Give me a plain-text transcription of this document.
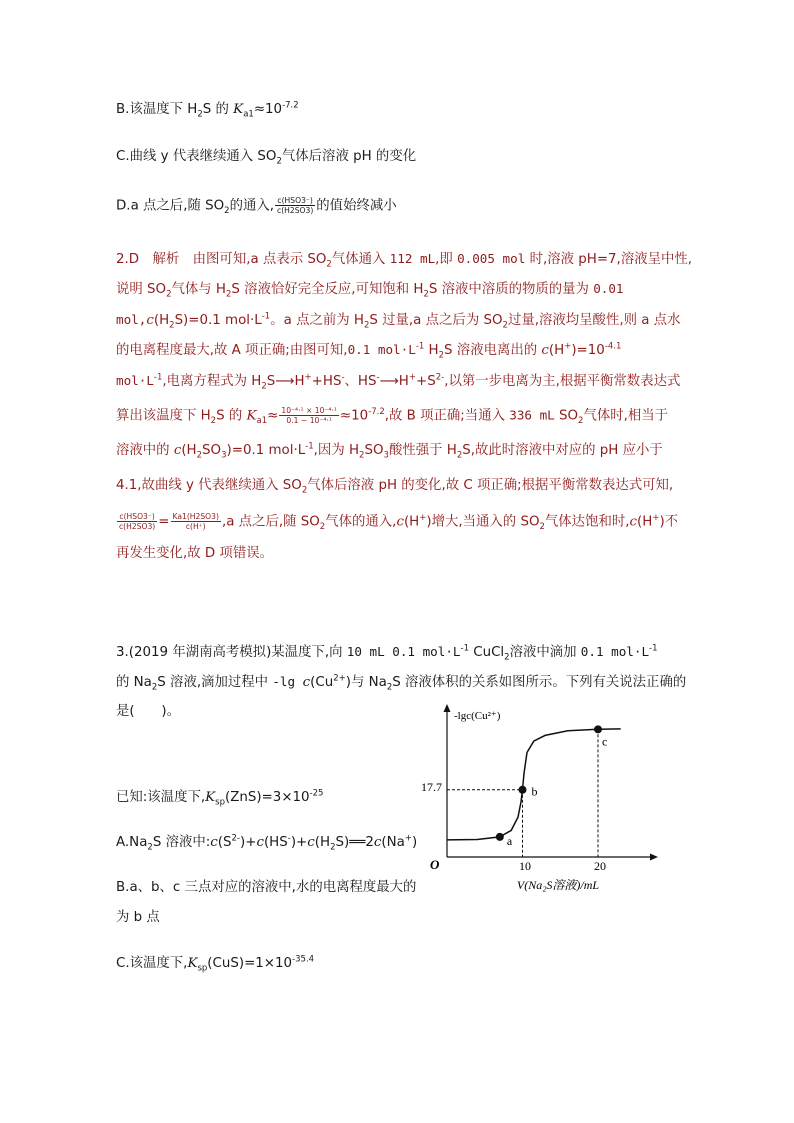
B.该温度下 $H_2S$ 的 $K_{a1}\approx 10^{-7.2}$
C.曲线 y 代表继续通入 $SO_2$气体后溶液 pH 的变化
D.a 点之后,随 $SO_2$的通入, $\frac{\text{c(HSO3⁻)}}{c(H2SO3)}$ 的值始终减小
2.D　解析　由图可知,a 点表示 $SO_2$气体通入 112 mL,即 0.005 mol 时,溶液 pH=7,溶液呈中性,
说明 $SO_2$气体与 $H_2S$ 溶液恰好完全反应,可知饱和 $H_2S$ 溶液中溶质的物质的量为 0.01
$mol,c(H_2S)=0.1$ $mol\cdot L^{-1}$。a 点之前为 $H_2S$ 过量,a 点之后为 $SO_2$过量,溶液均呈酸性,则 a 点水
的电离程度最大,故 A 项正确;由图可知,0.1 $mol\cdot L^{-1}$ $H_2S$ 溶液电离出的 $c(H^+)=10^{-4.1}$
$mol\cdot L^{-1}$,电离方程式为 $H_2S⟶H^++HS^-$、$HS^-⟶H^++S^{2-}$,以第一步电离为主,根据平衡常数表达式
算出该温度下 $H_2S$ 的 $K_{a1}\approx \frac{\text{10⁻⁴·¹ × 10⁻⁴·¹}}{\text{0.1 − 10⁻⁴·¹}} \approx 10^{-7.2}$,故 B 项正确;当通入 336 mL $SO_2$气体时,相当于
溶液中的 $c(H_2SO_3)=0.1$ $mol\cdot L^{-1}$,因为 $H_2SO_3$酸性强于 $H_2S$,故此时溶液中对应的 pH 应小于
4.1,故曲线 y 代表继续通入 $SO_2$气体后溶液 pH 的变化,故 C 项正确;根据平衡常数表达式可知,
$\frac{\text{c(HSO3⁻)}}{c(H2SO3)} = \frac{Ka1(H2SO3)}{c(H^+)} ,a$ 点之后,随 $SO_2$气体的通入,c(H+)增大,当通入的 $SO_2$气体达饱和时,c(H+)不
再发生变化,故 D 项错误。
3.(2019 年湖南高考模拟)某温度下,向 10 mL 0.1 $mol\cdot L^{-1}$ CuCl$_2$溶液中滴加 0.1 $mol\cdot L^{-1}$
的 $Na_2S$ 溶液,滴加过程中 -lg $c(Cu^{2+})$与 $Na_2S$ 溶液体积的关系如图所示。下列有关说法正确的
是(　　)。
已知:该温度下$,K_{sp}(ZnS)=3\times 10^{-25}$
$A.Na_2S$ 溶液中$:c(S^{2-})+c(HS^-)+c(H_2S)══2c(Na^+)$
B.a、b、c 三点对应的溶液中,水的电离程度最大的
为 b 点
C.该温度下$,K_{sp}(CuS)=1\times 10^{-35.4}$
-lgc(Cu²⁺)
O	10	20
17.7
V(Na₂S溶液)/mL
a
b
c
